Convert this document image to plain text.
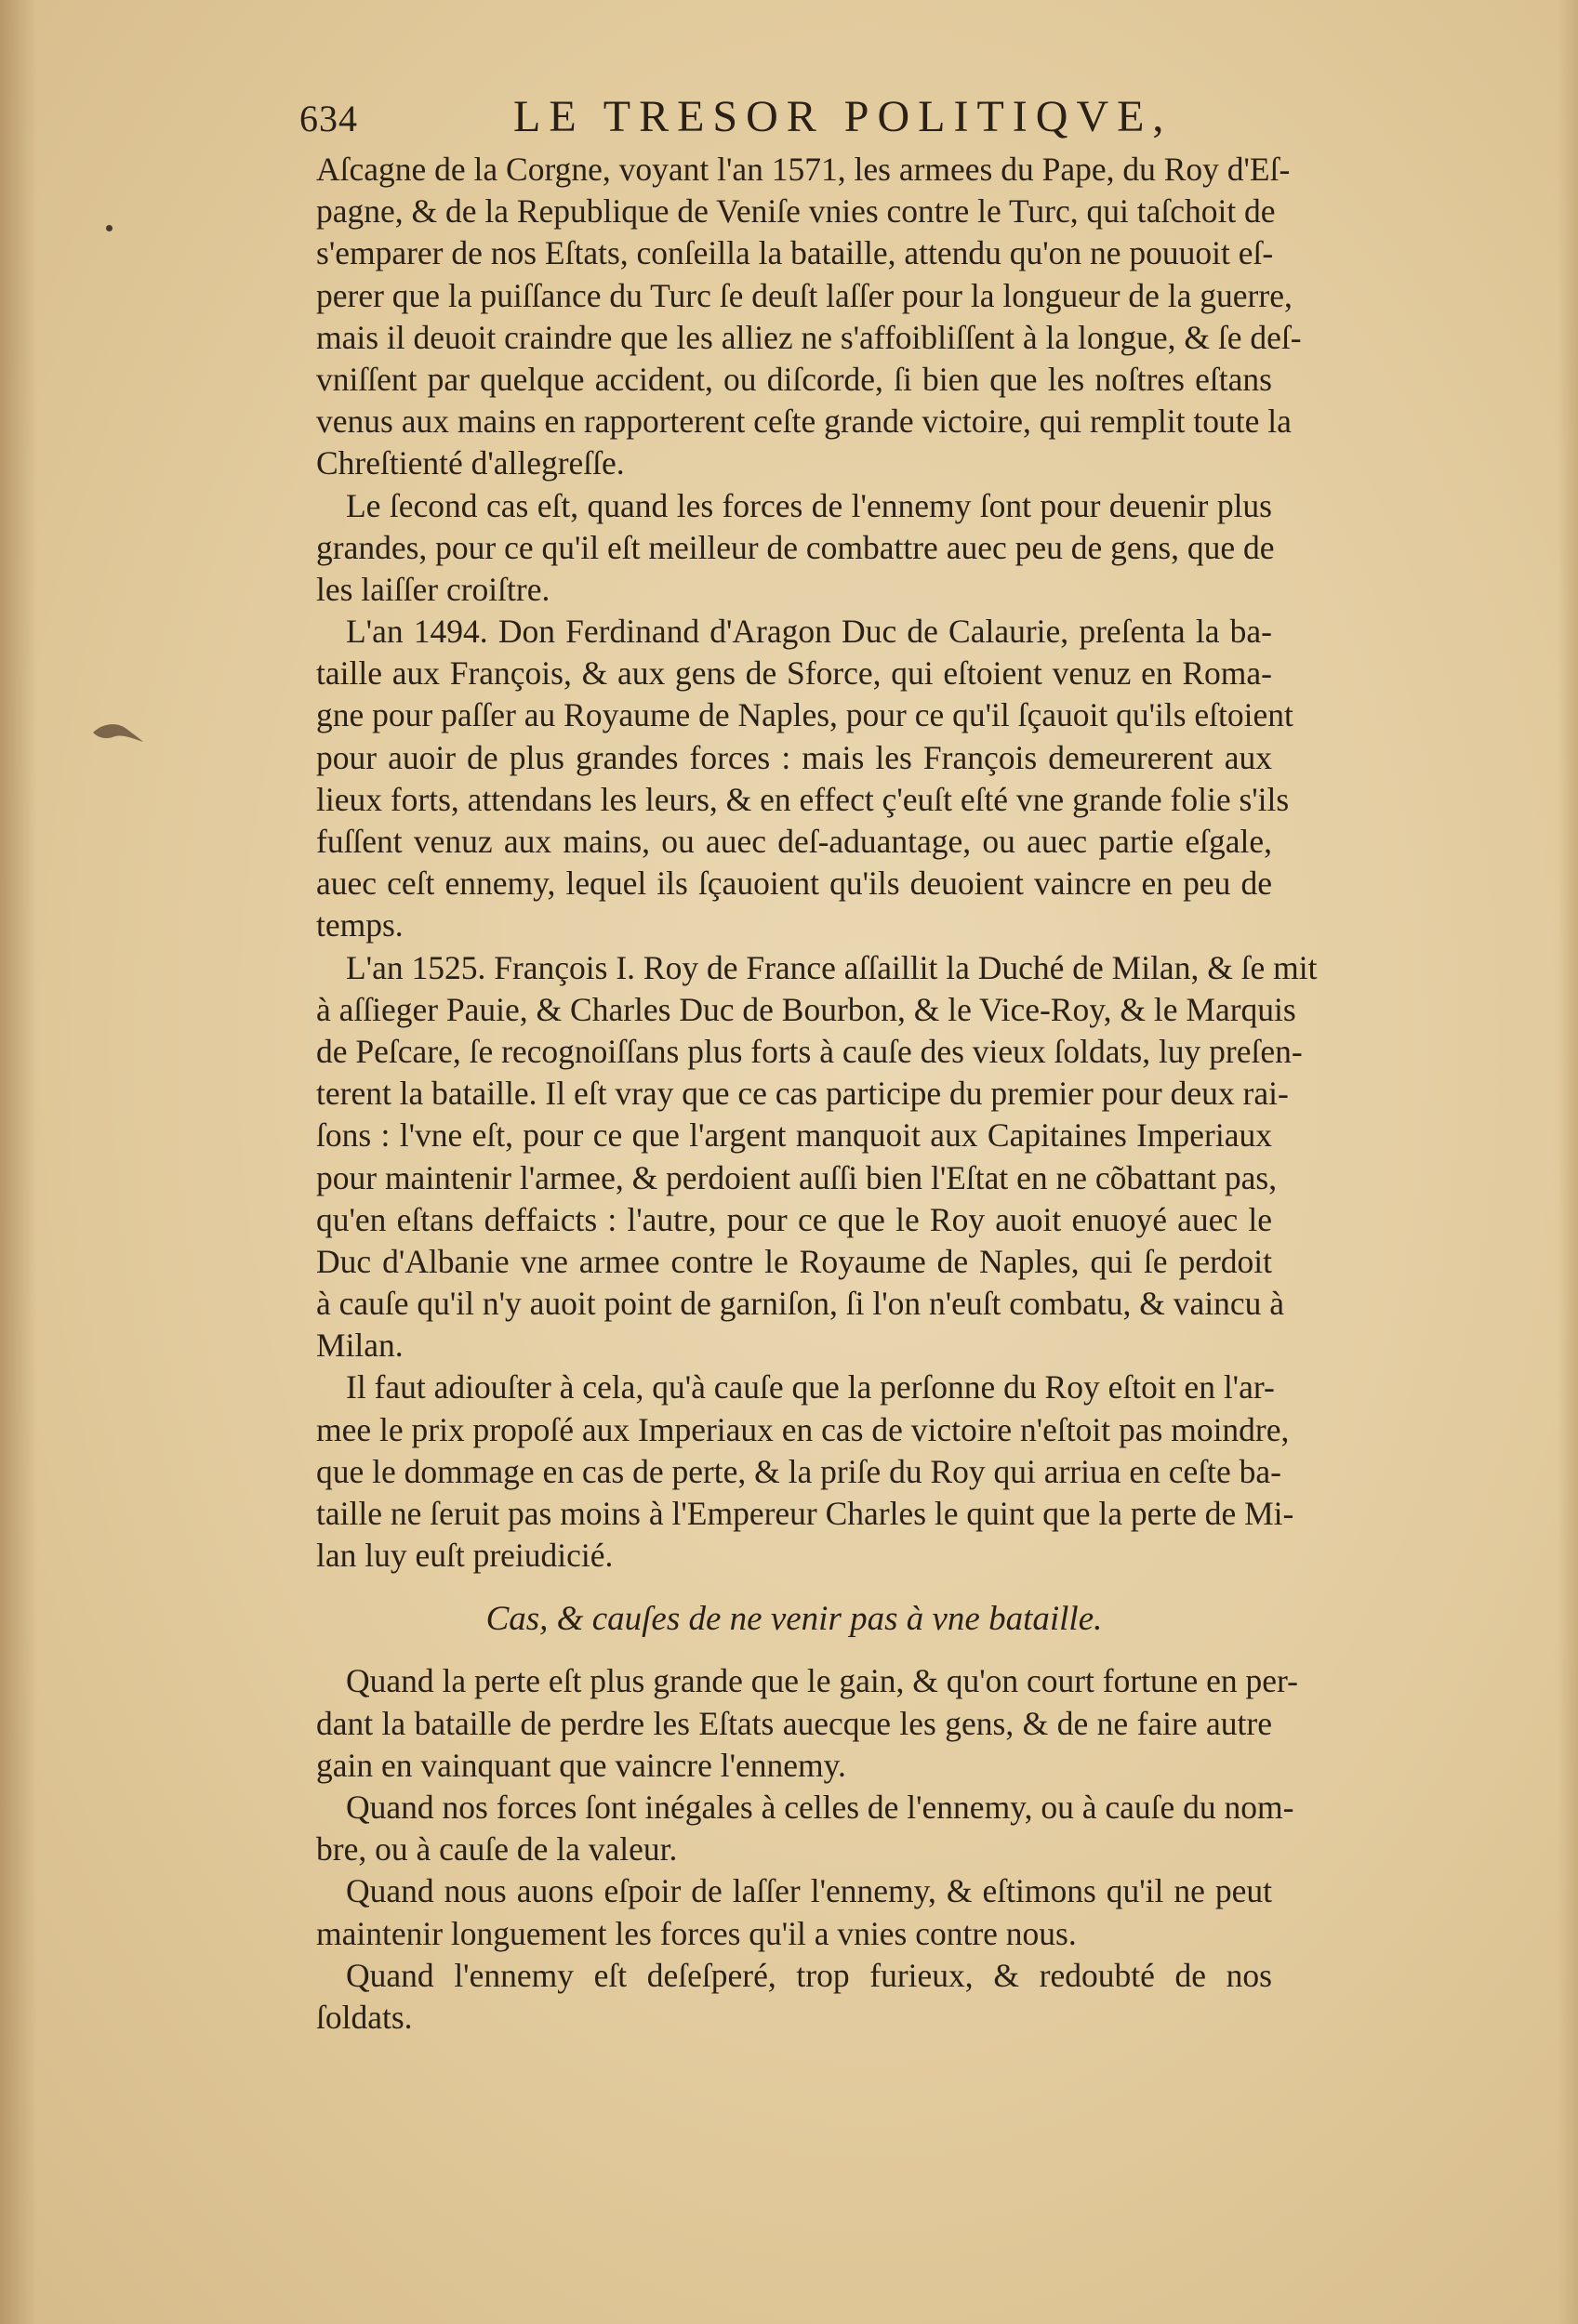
634	LE TRESOR POLITIQVE,
Aſcagne de la Corgne, voyant l'an 1571, les armees du Pape, du Roy d'Eſ-
pagne, & de la Republique de Veniſe vnies contre le Turc, qui taſchoit de
s'emparer de nos Eſtats, conſeilla la bataille, attendu qu'on ne pouuoit eſ-
perer que la puiſſance du Turc ſe deuſt laſſer pour la longueur de la guerre,
mais il deuoit craindre que les alliez ne s'affoibliſſent à la longue, & ſe deſ-
vniſſent par quelque accident, ou diſcorde, ſi bien que les noſtres eſtans
venus aux mains en rapporterent ceſte grande victoire, qui remplit toute la
Chreſtienté d'allegreſſe.
Le ſecond cas eſt, quand les forces de l'ennemy ſont pour deuenir plus
grandes, pour ce qu'il eſt meilleur de combattre auec peu de gens, que de
les laiſſer croiſtre.
L'an 1494. Don Ferdinand d'Aragon Duc de Calaurie, preſenta la ba-
taille aux François, & aux gens de Sforce, qui eſtoient venuz en Roma-
gne pour paſſer au Royaume de Naples, pour ce qu'il ſçauoit qu'ils eſtoient
pour auoir de plus grandes forces : mais les François demeurerent aux
lieux forts, attendans les leurs, & en effect ç'euſt eſté vne grande folie s'ils
fuſſent venuz aux mains, ou auec deſ-aduantage, ou auec partie eſgale,
auec ceſt ennemy, lequel ils ſçauoient qu'ils deuoient vaincre en peu de
temps.
L'an 1525. François I. Roy de France aſſaillit la Duché de Milan, & ſe mit
à aſſieger Pauie, & Charles Duc de Bourbon, & le Vice-Roy, & le Marquis
de Peſcare, ſe recognoiſſans plus forts à cauſe des vieux ſoldats, luy preſen-
terent la bataille. Il eſt vray que ce cas participe du premier pour deux rai-
ſons : l'vne eſt, pour ce que l'argent manquoit aux Capitaines Imperiaux
pour maintenir l'armee, & perdoient auſſi bien l'Eſtat en ne cõbattant pas,
qu'en eſtans deffaicts : l'autre, pour ce que le Roy auoit enuoyé auec le
Duc d'Albanie vne armee contre le Royaume de Naples, qui ſe perdoit
à cauſe qu'il n'y auoit point de garniſon, ſi l'on n'euſt combatu, & vaincu à
Milan.
Il faut adiouſter à cela, qu'à cauſe que la perſonne du Roy eſtoit en l'ar-
mee le prix propoſé aux Imperiaux en cas de victoire n'eſtoit pas moindre,
que le dommage en cas de perte, & la priſe du Roy qui arriua en ceſte ba-
taille ne ſeruit pas moins à l'Empereur Charles le quint que la perte de Mi-
lan luy euſt preiudicié.
Cas, & cauſes de ne venir pas à vne bataille.
Quand la perte eſt plus grande que le gain, & qu'on court fortune en per-
dant la bataille de perdre les Eſtats auecque les gens, & de ne faire autre
gain en vainquant que vaincre l'ennemy.
Quand nos forces ſont inégales à celles de l'ennemy, ou à cauſe du nom-
bre, ou à cauſe de la valeur.
Quand nous auons eſpoir de laſſer l'ennemy, & eſtimons qu'il ne peut
maintenir longuement les forces qu'il a vnies contre nous.
Quand l'ennemy eſt deſeſperé, trop furieux, & redoubté de nos
ſoldats.
